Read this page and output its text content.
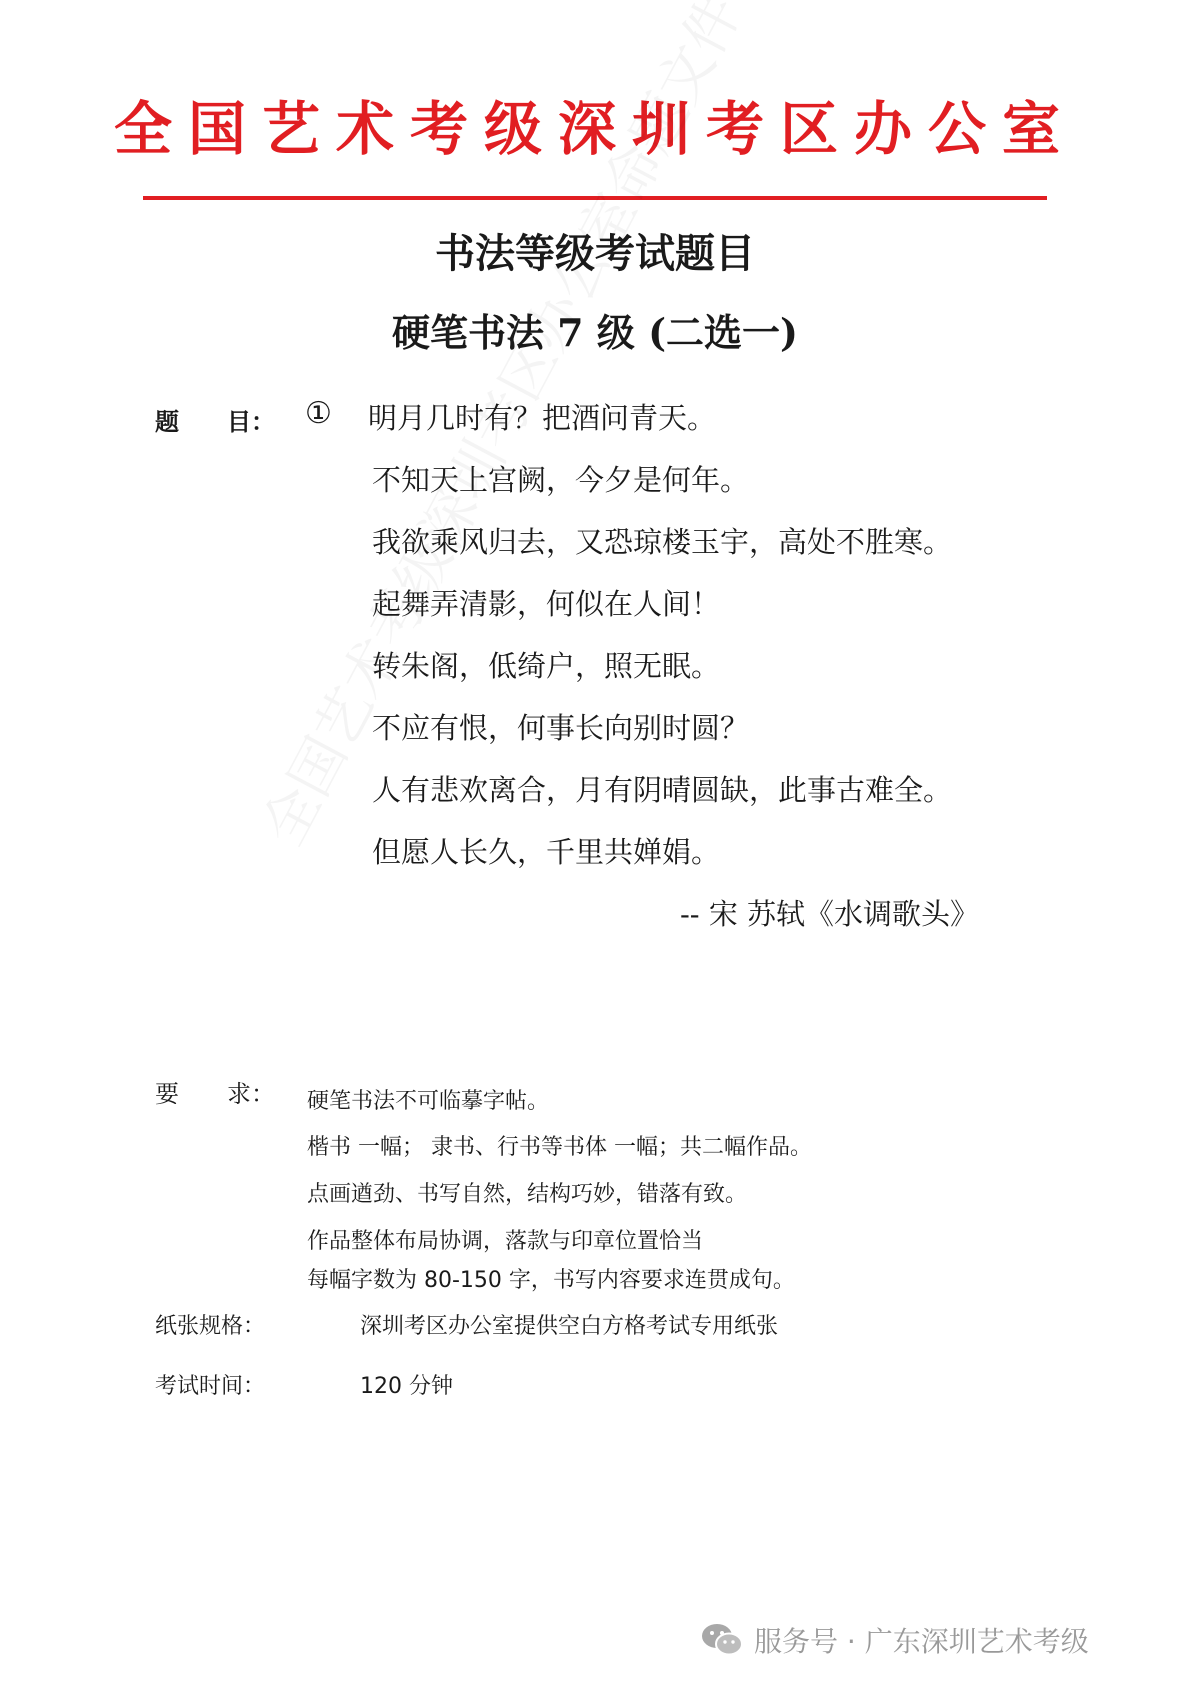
全国艺术考级深圳考区办公室
书法等级考试题目
硬笔书法 7 级 (二选一)
题　　目： ① 明月几时有？把酒问青天。
不知天上宫阙，今夕是何年。
我欲乘风归去，又恐琼楼玉宇，高处不胜寒。
起舞弄清影，何似在人间！
转朱阁，低绮户，照无眠。
不应有恨，何事长向别时圆？
人有悲欢离合，月有阴晴圆缺，此事古难全。
但愿人长久，千里共婵娟。
-- 宋 苏轼《水调歌头》
要　　求： 硬笔书法不可临摹字帖。
楷书 一幅； 隶书、行书等书体 一幅；共二幅作品。
点画遒劲、书写自然，结构巧妙，错落有致。
作品整体布局协调，落款与印章位置恰当
每幅字数为 80-150 字，书写内容要求连贯成句。
纸张规格：	深圳考区办公室提供空白方格考试专用纸张
考试时间：	120 分钟
服务号 · 广东深圳艺术考级
